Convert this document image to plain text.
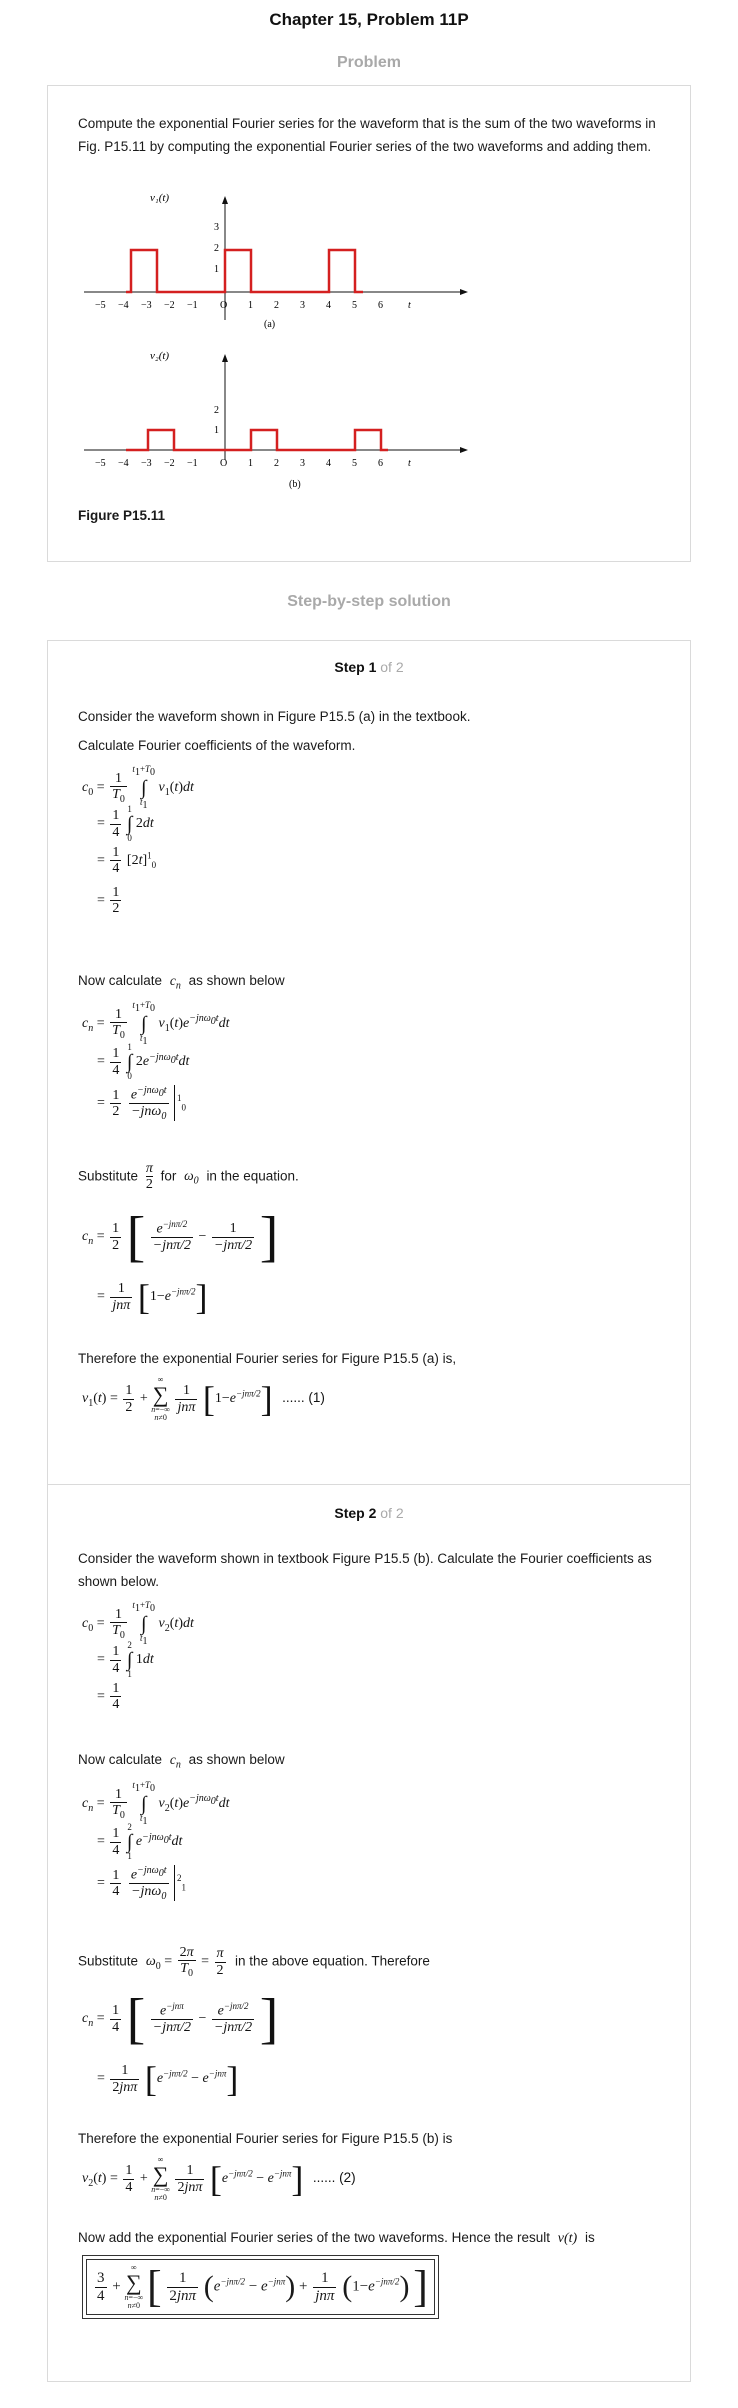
Chapter 15, Problem 11P
Problem
Compute the exponential Fourier series for the waveform that is the sum of the two waveforms in Fig. P15.11 by computing the exponential Fourier series of the two waveforms and adding them.
v₁(t)
3
2
1
−5 −4 −3 −2 −1 O 1 2 3 4 5 6	t
(a)
v₂(t)
2
1
−5 −4 −3 −2 −1 O 1 2 3 4 5 6	t
(b)
Figure P15.11
Step-by-step solution
Step 1 of 2
Consider the waveform shown in Figure P15.5 (a) in the textbook.
Calculate Fourier coefficients of the waveform.
$c_0 = \frac{1}{T_0}$
$t_1+T_0$
∫
$t_1$ $v_1(t)dt$
= $\frac{1}{4} 1$
∫
0 2dt
= $\frac{1}{4} [2t]^1_0$
= $\frac{1}{2}$
Now calculate $c_n$ as shown below
$c_n = \frac{1}{T_0}$
$t_1+T_0$
∫
$t_1$ $v_1(t)e^{-jn\omega_0t}dt$
= $\frac{1}{4} 1$
∫
0 $2e^{-jn\omega_0t}dt$
= $\frac{1}{2}$
$\frac{e^{-jn\omega_0t}}{-jn\omega_0} ^1_0$
Substitute $\frac{\pi}{2}$ for $\omega_0$ in the equation.
$c_n = \frac{1}{2}$ [ $\frac{e^{-jn\pi/2}}{\text{−jnπ/2}} - \frac{1}{\text{−jnπ/2}}$ ]
= $\frac{1}{\text{jnπ}} [1-e^{-jn\pi/2}]$
Therefore the exponential Fourier series for Figure P15.5 (a) is,
$v_1(t) = \frac{1}{2}$ + ∞
∑
n=−∞
n≠0
$\frac{1}{\text{jnπ}} [1-e^{-jn\pi/2}]$ ...... (1)
Step 2 of 2
Consider the waveform shown in textbook Figure P15.5 (b). Calculate the Fourier coefficients as shown below.
$c_0 = \frac{1}{T_0}$
$t_1+T_0$
∫
$t_1$ $v_2(t)dt$
= $\frac{1}{4} 2$
∫
1 1dt
= $\frac{1}{4}$
Now calculate $c_n$ as shown below
$c_n = \frac{1}{T_0}$
$t_1+T_0$
∫
$t_1$ $v_2(t)e^{-jn\omega_0t}dt$
= $\frac{1}{4} 2$
∫
1 $e^{-jn\omega_0t}dt$
= $\frac{1}{4}$
$\frac{e^{-jn\omega_0t}}{-jn\omega_0} ^2_1$
Substitute $\omega_0 = \frac{2\pi}{T_0} = \frac{\pi}{2}$ in the above equation. Therefore
$c_n = \frac{1}{4}$ [ $\frac{e^{-jn\pi}}{\text{−jnπ/2}} - \frac{e^{-jn\pi/2}}{\text{−jnπ/2}}$ ]
= $\frac{1}{\text{2jnπ}} [e^{-jn\pi/2} - e^{-jn\pi}]$
Therefore the exponential Fourier series for Figure P15.5 (b) is
$v_2(t) = \frac{1}{4}$ + ∞
∑
n=−∞
n≠0
$\frac{1}{\text{2jnπ}} [e^{-jn\pi/2} - e^{-jn\pi}]$ ...... (2)
Now add the exponential Fourier series of the two waveforms. Hence the result v(t) is
$\frac{3}{4}$ + ∞
∑
n=−∞
n≠0 [ $\frac{1}{\text{2jnπ}} (e^{-jn\pi/2} - e^{-jn\pi}) + \frac{1}{\text{jnπ}} (1-e^{-jn\pi/2})$ ]
